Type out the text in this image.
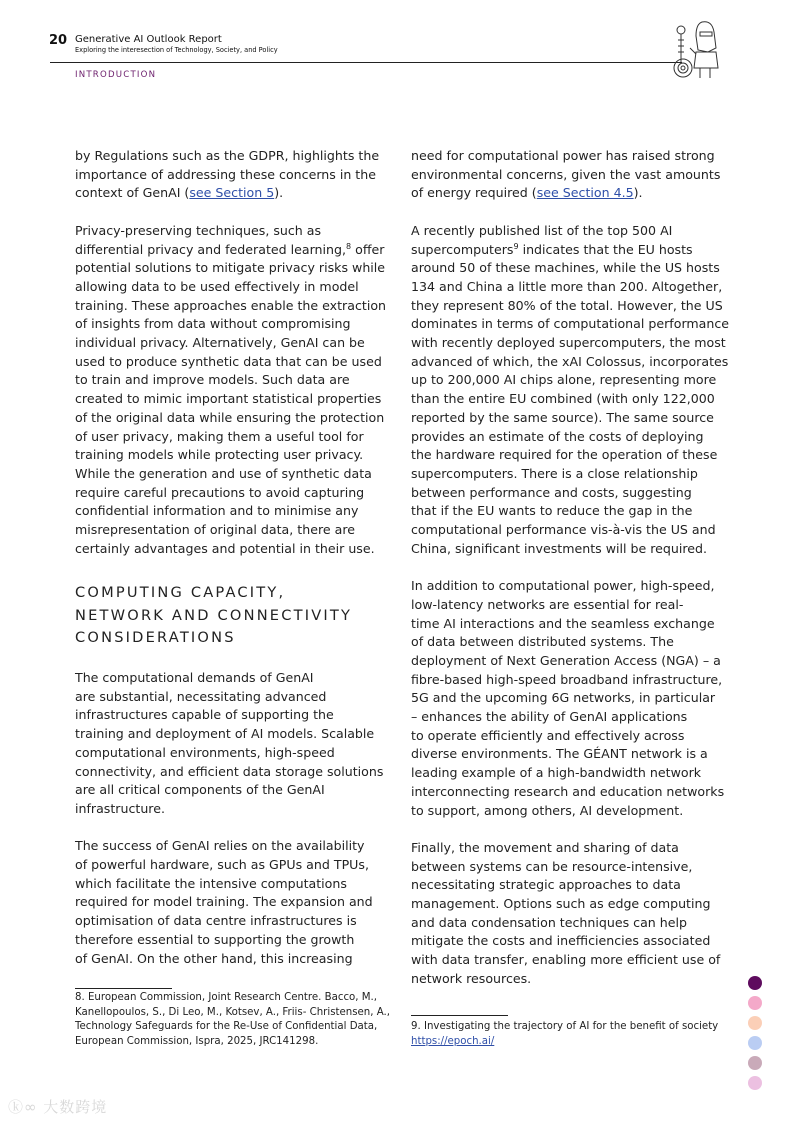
20 Generative AI Outlook Report
Exploring the interesection of Technology, Society, and Policy
INTRODUCTION
by Regulations such as the GDPR, highlights the
importance of addressing these concerns in the
context of GenAI (see Section 5).
Privacy-preserving techniques, such as
differential privacy and federated learning,$^8$ offer
potential solutions to mitigate privacy risks while
allowing data to be used effectively in model
training. These approaches enable the extraction
of insights from data without compromising
individual privacy. Alternatively, GenAI can be
used to produce synthetic data that can be used
to train and improve models. Such data are
created to mimic important statistical properties
of the original data while ensuring the protection
of user privacy, making them a useful tool for
training models while protecting user privacy.
While the generation and use of synthetic data
require careful precautions to avoid capturing
confidential information and to minimise any
misrepresentation of original data, there are
certainly advantages and potential in their use.
COMPUTING CAPACITY,
NETWORK AND CONNECTIVITY
CONSIDERATIONS
The computational demands of GenAI
are substantial, necessitating advanced
infrastructures capable of supporting the
training and deployment of AI models. Scalable
computational environments, high-speed
connectivity, and efficient data storage solutions
are all critical components of the GenAI
infrastructure.
The success of GenAI relies on the availability
of powerful hardware, such as GPUs and TPUs,
which facilitate the intensive computations
required for model training. The expansion and
optimisation of data centre infrastructures is
therefore essential to supporting the growth
of GenAI. On the other hand, this increasing
need for computational power has raised strong
environmental concerns, given the vast amounts
of energy required (see Section 4.5).
A recently published list of the top 500 AI
supercomputers$^9$ indicates that the EU hosts
around 50 of these machines, while the US hosts
134 and China a little more than 200. Altogether,
they represent 80% of the total. However, the US
dominates in terms of computational performance
with recently deployed supercomputers, the most
advanced of which, the xAI Colossus, incorporates
up to 200,000 AI chips alone, representing more
than the entire EU combined (with only 122,000
reported by the same source). The same source
provides an estimate of the costs of deploying
the hardware required for the operation of these
supercomputers. There is a close relationship
between performance and costs, suggesting
that if the EU wants to reduce the gap in the
computational performance vis-à-vis the US and
China, significant investments will be required.
In addition to computational power, high-speed,
low-latency networks are essential for real-
time AI interactions and the seamless exchange
of data between distributed systems. The
deployment of Next Generation Access (NGA) – a
fibre-based high-speed broadband infrastructure,
5G and the upcoming 6G networks, in particular
– enhances the ability of GenAI applications
to operate efficiently and effectively across
diverse environments. The GÉANT network is a
leading example of a high-bandwidth network
interconnecting research and education networks
to support, among others, AI development.
Finally, the movement and sharing of data
between systems can be resource-intensive,
necessitating strategic approaches to data
management. Options such as edge computing
and data condensation techniques can help
mitigate the costs and inefficiencies associated
with data transfer, enabling more efficient use of
network resources.
8. European Commission, Joint Research Centre. Bacco, M.,
Kanellopoulos, S., Di Leo, M., Kotsev, A., Friis- Christensen, A.,
Technology Safeguards for the Re-Use of Confidential Data,
European Commission, Ispra, 2025, JRC141298.
9. Investigating the trajectory of AI for the benefit of society
https://epoch.ai/
ⓚ∞ 大数跨境
